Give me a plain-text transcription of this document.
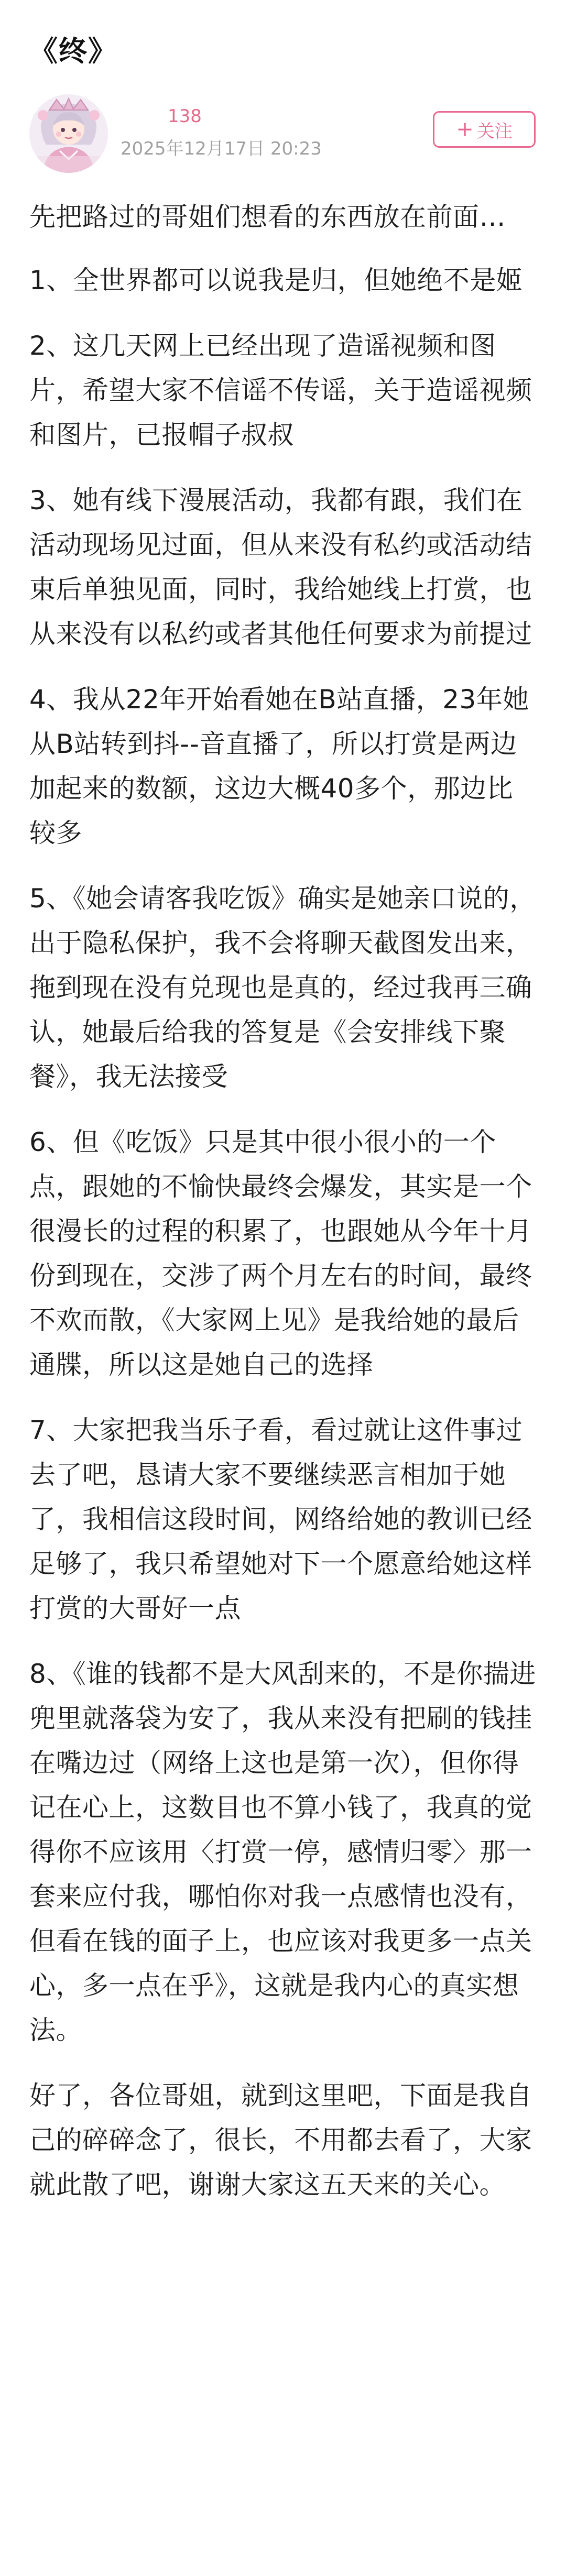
《终》
138
2025年12月17日 20:23
+ 关注

先把路过的哥姐们想看的东西放在前面…

1、全世界都可以说我是归，但她绝不是姬

2、这几天网上已经出现了造谣视频和图片，希望大家不信谣不传谣，关于造谣视频和图片，已报帽子叔叔

3、她有线下漫展活动，我都有跟，我们在活动现场见过面，但从来没有私约或活动结束后单独见面，同时，我给她线上打赏，也从来没有以私约或者其他任何要求为前提过

4、我从22年开始看她在B站直播，23年她从B站转到抖--音直播了，所以打赏是两边加起来的数额，这边大概40多个，那边比较多

5、《她会请客我吃饭》确实是她亲口说的，出于隐私保护，我不会将聊天截图发出来，拖到现在没有兑现也是真的，经过我再三确认，她最后给我的答复是《会安排线下聚餐》，我无法接受

6、但《吃饭》只是其中很小很小的一个点，跟她的不愉快最终会爆发，其实是一个很漫长的过程的积累了，也跟她从今年十月份到现在，交涉了两个月左右的时间，最终不欢而散，《大家网上见》是我给她的最后通牒，所以这是她自己的选择

7、大家把我当乐子看，看过就让这件事过去了吧，恳请大家不要继续恶言相加于她了，我相信这段时间，网络给她的教训已经足够了，我只希望她对下一个愿意给她这样打赏的大哥好一点

8、《谁的钱都不是大风刮来的，不是你揣进兜里就落袋为安了，我从来没有把刷的钱挂在嘴边过（网络上这也是第一次），但你得记在心上，这数目也不算小钱了，我真的觉得你不应该用〈打赏一停，感情归零〉那一套来应付我，哪怕你对我一点感情也没有，但看在钱的面子上，也应该对我更多一点关心，多一点在乎》，这就是我内心的真实想法。

好了，各位哥姐，就到这里吧，下面是我自己的碎碎念了，很长，不用都去看了，大家就此散了吧，谢谢大家这五天来的关心。
